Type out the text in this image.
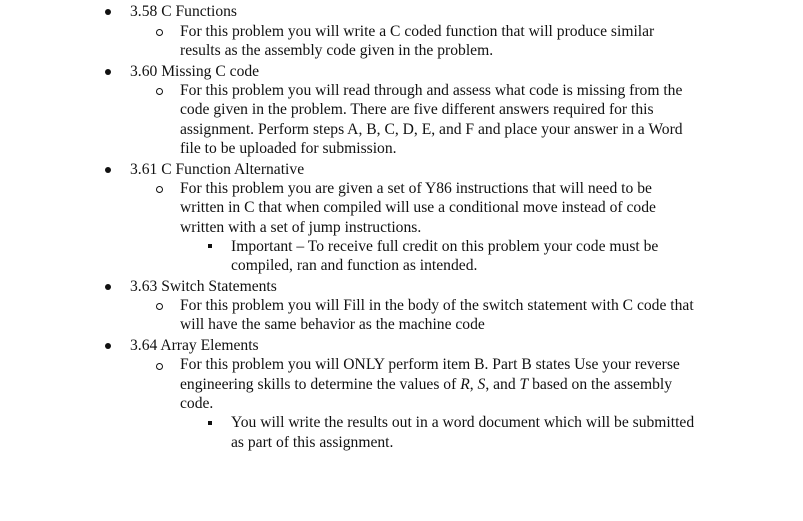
3.58 C Functions
For this problem you will write a C coded function that will produce similar
results as the assembly code given in the problem.
3.60 Missing C code
For this problem you will read through and assess what code is missing from the
code given in the problem. There are five different answers required for this
assignment. Perform steps A, B, C, D, E, and F and place your answer in a Word
file to be uploaded for submission.
3.61 C Function Alternative
For this problem you are given a set of Y86 instructions that will need to be
written in C that when compiled will use a conditional move instead of code
written with a set of jump instructions.
Important – To receive full credit on this problem your code must be
compiled, ran and function as intended.
3.63 Switch Statements
For this problem you will Fill in the body of the switch statement with C code that
will have the same behavior as the machine code
3.64 Array Elements
For this problem you will ONLY perform item B. Part B states Use your reverse
engineering skills to determine the values of R, S, and T based on the assembly
code.
You will write the results out in a word document which will be submitted
as part of this assignment.
